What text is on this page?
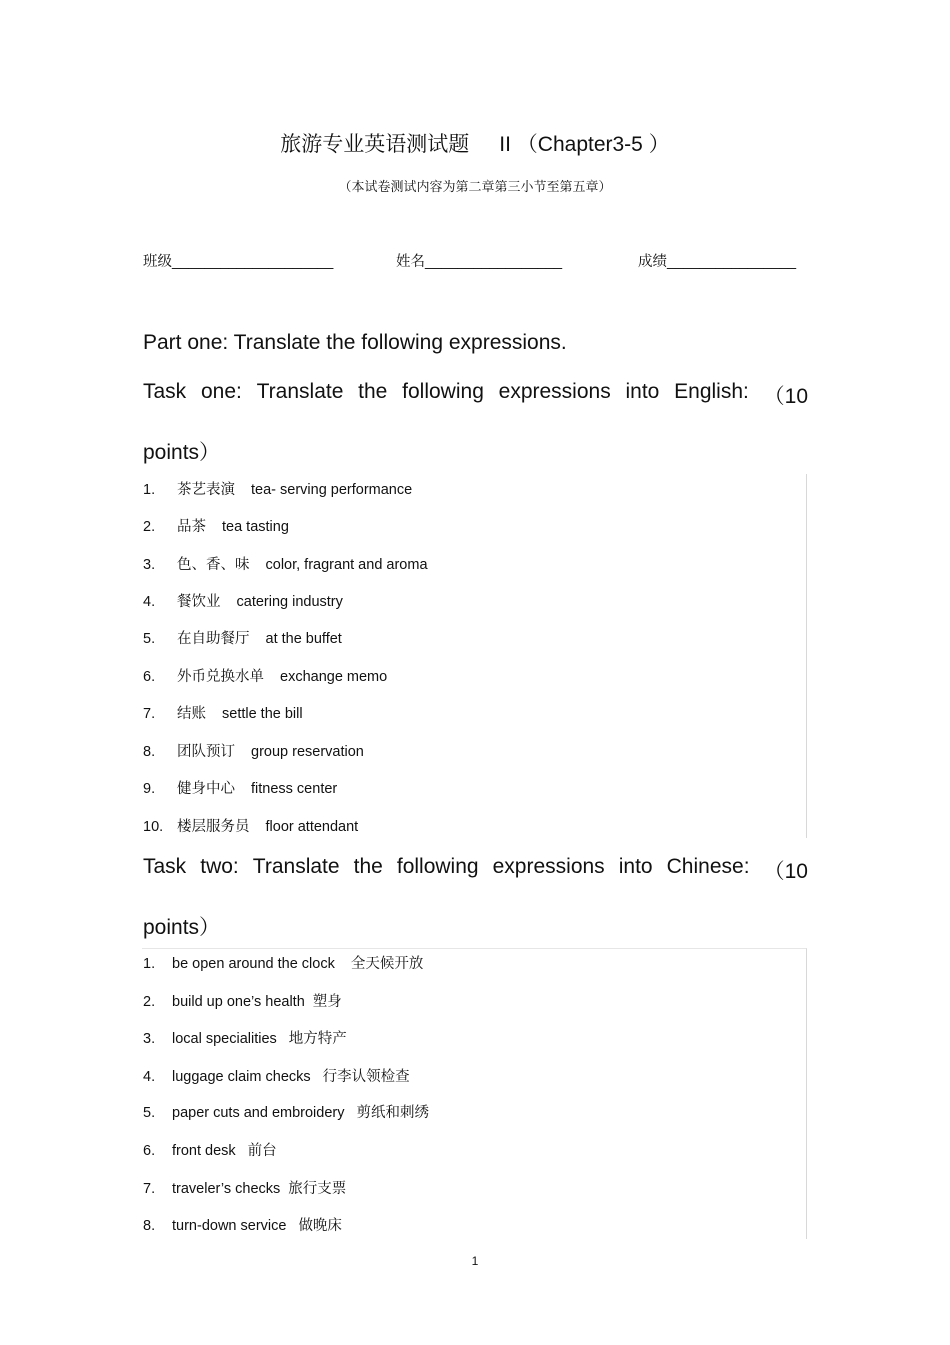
旅游专业英语测试题 II （Chapter3-5 ）
（本试卷测试内容为第二章第三小节至第五章）
班级____________________	姓名_________________	成绩________________
Part one: Translate the following expressions.
Task one: Translate the following expressions into English: （10
points）
1. 茶艺表演 tea- serving performance
2. 品茶 tea tasting
3. 色、香、味 color, fragrant and aroma
4. 餐饮业 catering industry
5. 在自助餐厅 at the buffet
6. 外币兑换水单 exchange memo
7. 结账 settle the bill
8. 团队预订 group reservation
9. 健身中心 fitness center
10. 楼层服务员 floor attendant
Task two: Translate the following expressions into Chinese: （10
points）
1. be open around the clock 全天候开放
2. build up one’s health 塑身
3. local specialities 地方特产
4. luggage claim checks 行李认领检查
5. paper cuts and embroidery 剪纸和刺绣
6. front desk 前台
7. traveler’s checks 旅行支票
8. turn-down service 做晚床
1
